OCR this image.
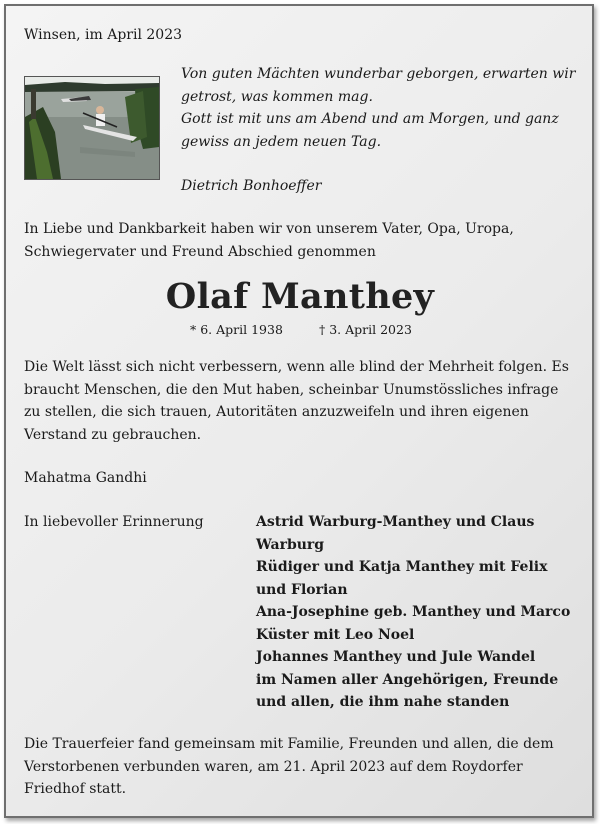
Winsen, im April 2023
Von guten Mächten wunderbar geborgen, erwarten wir
getrost, was kommen mag.
Gott ist mit uns am Abend und am Morgen, und ganz
gewiss an jedem neuen Tag.
Dietrich Bonhoeffer
In Liebe und Dankbarkeit haben wir von unserem Vater, Opa, Uropa,
Schwiegervater und Freund Abschied genommen
Olaf Manthey
* 6. April 1938	† 3. April 2023
Die Welt lässt sich nicht verbessern, wenn alle blind der Mehrheit folgen. Es
braucht Menschen, die den Mut haben, scheinbar Unumstössliches infrage
zu stellen, die sich trauen, Autoritäten anzuzweifeln und ihren eigenen
Verstand zu gebrauchen.
Mahatma Gandhi
In liebevoller Erinnerung	Astrid Warburg-Manthey und Claus
Warburg
Rüdiger und Katja Manthey mit Felix
und Florian
Ana-Josephine geb. Manthey und Marco
Küster mit Leo Noel
Johannes Manthey und Jule Wandel
im Namen aller Angehörigen, Freunde
und allen, die ihm nahe standen
Die Trauerfeier fand gemeinsam mit Familie, Freunden und allen, die dem
Verstorbenen verbunden waren, am 21. April 2023 auf dem Roydorfer
Friedhof statt.
